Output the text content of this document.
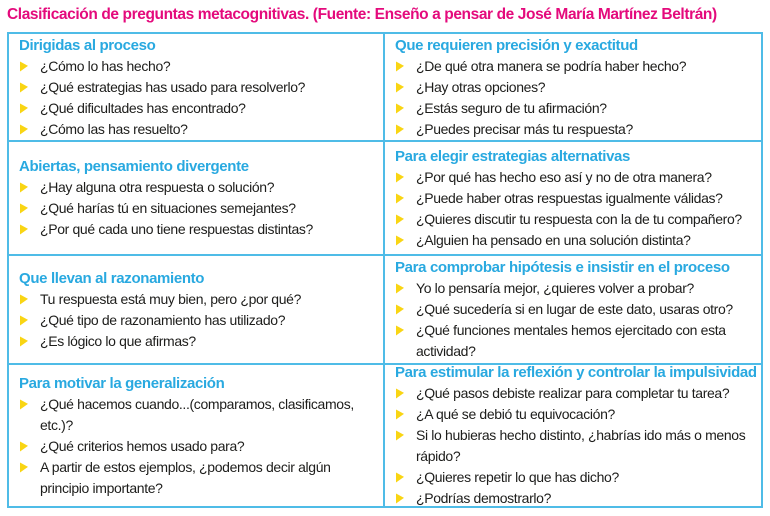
Clasificación de preguntas metacognitivas. (Fuente: Enseño a pensar de José María Martínez Beltrán)
Dirigidas al proceso
¿Cómo lo has hecho?
¿Qué estrategias has usado para resolverlo?
¿Qué dificultades has encontrado?
¿Cómo las has resuelto?
Que requieren precisión y exactitud
¿De qué otra manera se podría haber hecho?
¿Hay otras opciones?
¿Estás seguro de tu afirmación?
¿Puedes precisar más tu respuesta?
Abiertas, pensamiento divergente
¿Hay alguna otra respuesta o solución?
¿Qué harías tú en situaciones semejantes?
¿Por qué cada uno tiene respuestas distintas?
Para elegir estrategias alternativas
¿Por qué has hecho eso así y no de otra manera?
¿Puede haber otras respuestas igualmente válidas?
¿Quieres discutir tu respuesta con la de tu compañero?
¿Alguien ha pensado en una solución distinta?
Que llevan al razonamiento
Tu respuesta está muy bien, pero ¿por qué?
¿Qué tipo de razonamiento has utilizado?
¿Es lógico lo que afirmas?
Para comprobar hipótesis e insistir en el proceso
Yo lo pensaría mejor, ¿quieres volver a probar?
¿Qué sucedería si en lugar de este dato, usaras otro?
¿Qué funciones mentales hemos ejercitado con esta actividad?
Para motivar la generalización
¿Qué hacemos cuando...(comparamos, clasificamos, etc.)?
¿Qué criterios hemos usado para?
A partir de estos ejemplos, ¿podemos decir algún principio importante?
Para estimular la reflexión y controlar la impulsividad
¿Qué pasos debiste realizar para completar tu tarea?
¿A qué se debió tu equivocación?
Si lo hubieras hecho distinto, ¿habrías ido más o menos rápido?
¿Quieres repetir lo que has dicho?
¿Podrías demostrarlo?
